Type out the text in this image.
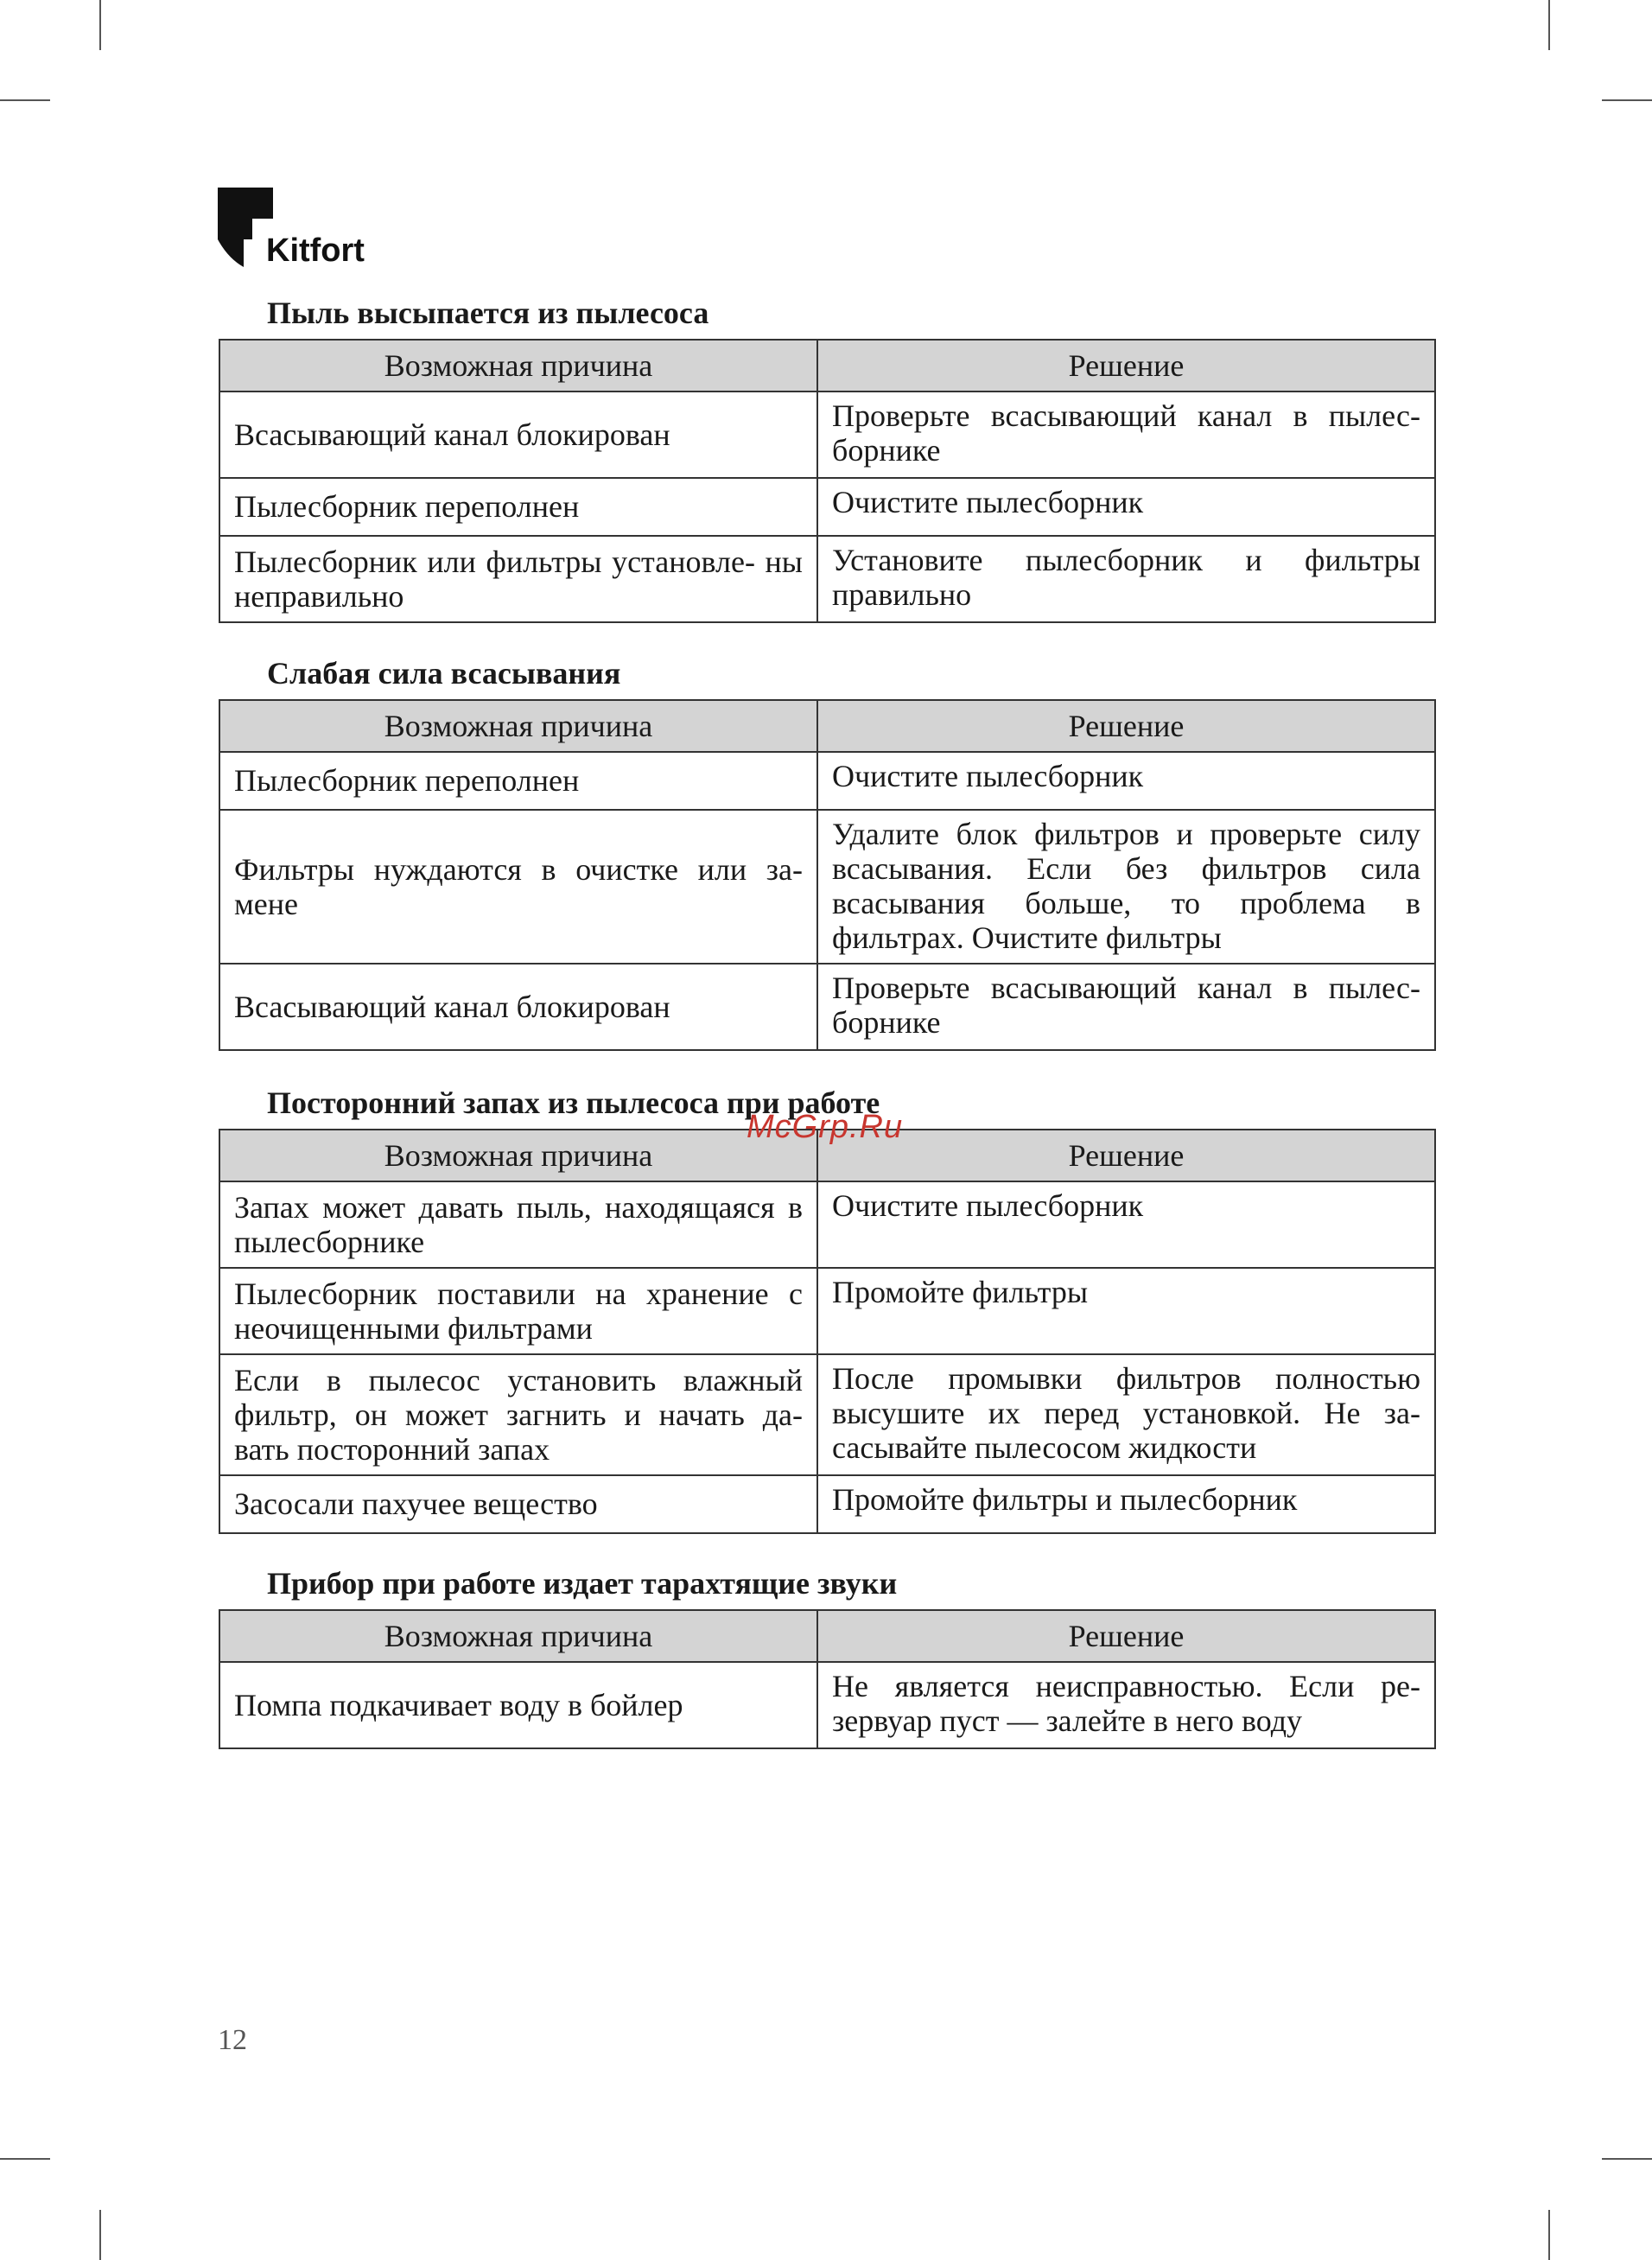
Kitfort
Пыль высыпается из пылесоса
Возможная причина	Решение
Всасывающий канал блокирован	Проверьте всасывающий канал в пылес- борнике
Пылесборник переполнен	Очистите пылесборник
Пылесборник или фильтры установле- ны неправильно	Установите пылесборник и фильтры правильно
Слабая сила всасывания
Возможная причина	Решение
Пылесборник переполнен	Очистите пылесборник
Фильтры нуждаются в очистке или за- мене	Удалите блок фильтров и проверьте силу всасывания. Если без фильтров сила всасывания больше, то проблема в фильтрах. Очистите фильтры
Всасывающий канал блокирован	Проверьте всасывающий канал в пылес- борнике
Посторонний запах из пылесоса при работе
Возможная причина	Решение
Запах может давать пыль, находящаяся в пылесборнике	Очистите пылесборник
Пылесборник поставили на хранение с неочищенными фильтрами	Промойте фильтры
Если в пылесос установить влажный фильтр, он может загнить и начать да- вать посторонний запах	После промывки фильтров полностью высушите их перед установкой. Не за- сасывайте пылесосом жидкости
Засосали пахучее вещество	Промойте фильтры и пылесборник
McGrp.Ru
Прибор при работе издает тарахтящие звуки
Возможная причина	Решение
Помпа подкачивает воду в бойлер	Не является неисправностью. Если ре- зервуар пуст — залейте в него воду
12
